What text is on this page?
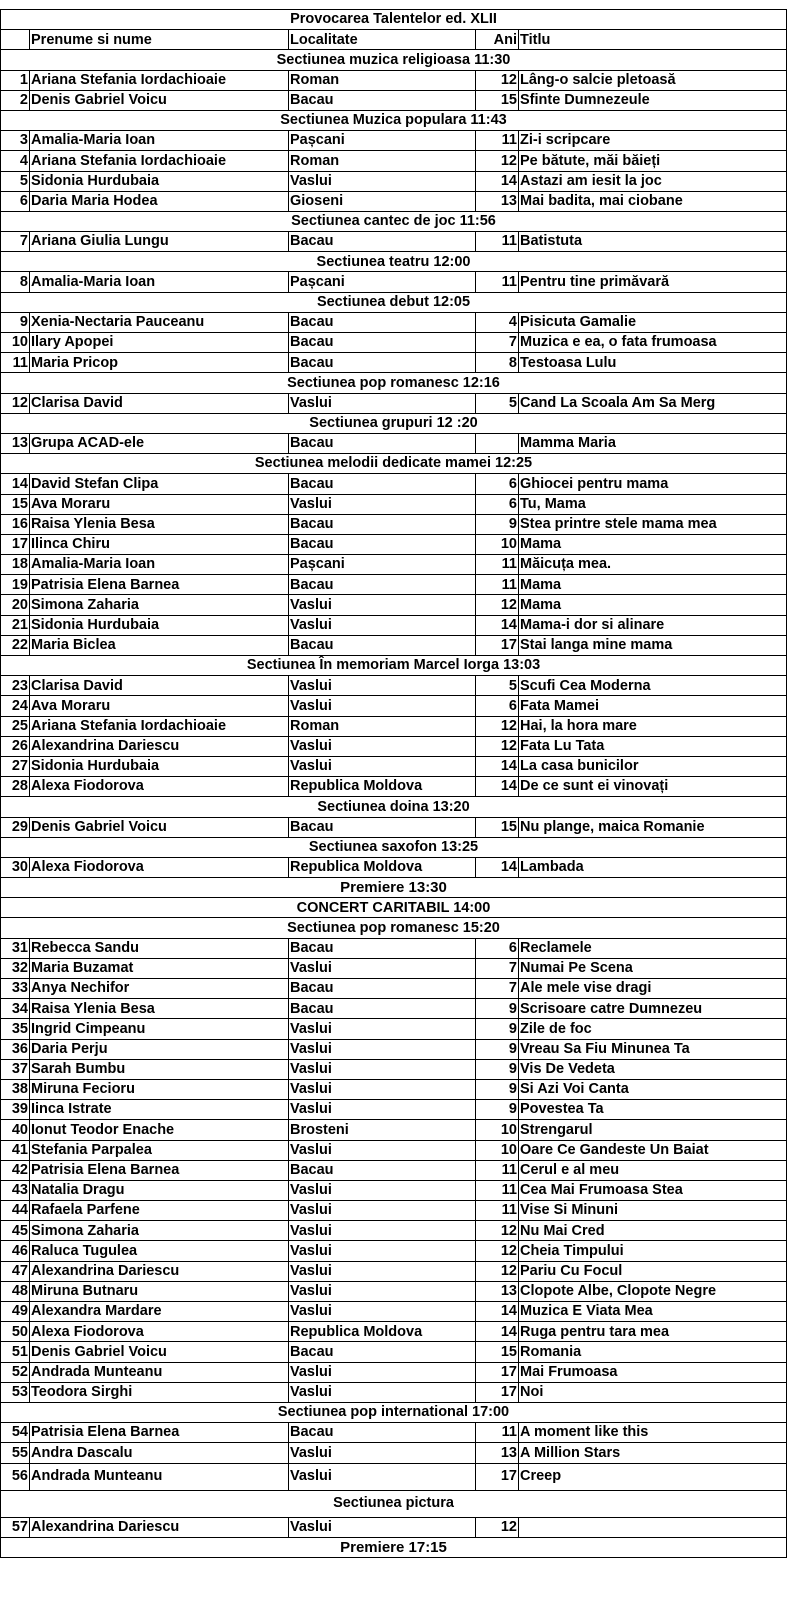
Provocarea Talentelor ed. XLII				
	Prenume si nume	Localitate	Ani	Titlu
Sectiunea muzica religioasa 11:30				
1	Ariana Stefania Iordachioaie	Roman	12	Lâng-o salcie pletoasă
2	Denis Gabriel Voicu	Bacau	15	Sfinte Dumnezeule
Sectiunea Muzica populara 11:43				
3	Amalia-Maria Ioan	Pașcani	11	Zi-i scripcare
4	Ariana Stefania Iordachioaie	Roman	12	Pe bătute, măi băieți
5	Sidonia Hurdubaia	Vaslui	14	Astazi am iesit la joc
6	Daria Maria Hodea	Gioseni	13	Mai badita, mai ciobane
Sectiunea cantec de joc 11:56				
7	Ariana Giulia Lungu	Bacau	11	Batistuta
Sectiunea teatru 12:00				
8	Amalia-Maria Ioan	Pașcani	11	Pentru tine primăvară
Sectiunea debut 12:05				
9	Xenia-Nectaria Pauceanu	Bacau	4	Pisicuta Gamalie
10	Ilary Apopei	Bacau	7	Muzica e ea, o fata frumoasa
11	Maria Pricop	Bacau	8	Testoasa Lulu
Sectiunea pop romanesc 12:16				
12	Clarisa David	Vaslui	5	Cand La Scoala Am Sa Merg
Sectiunea grupuri 12 :20				
13	Grupa ACAD-ele	Bacau		Mamma Maria
Sectiunea melodii dedicate mamei 12:25				
14	David Stefan Clipa	Bacau	6	Ghiocei pentru mama
15	Ava Moraru	Vaslui	6	Tu, Mama
16	Raisa Ylenia Besa	Bacau	9	Stea printre stele mama mea
17	Ilinca Chiru	Bacau	10	Mama
18	Amalia-Maria Ioan	Pașcani	11	Măicuța mea.
19	Patrisia Elena Barnea	Bacau	11	Mama
20	Simona Zaharia	Vaslui	12	Mama
21	Sidonia Hurdubaia	Vaslui	14	Mama-i dor si alinare
22	Maria Biclea	Bacau	17	Stai langa mine mama
Sectiunea În memoriam Marcel Iorga 13:03				
23	Clarisa David	Vaslui	5	Scufi Cea Moderna
24	Ava Moraru	Vaslui	6	Fata Mamei
25	Ariana Stefania Iordachioaie	Roman	12	Hai, la hora mare
26	Alexandrina Dariescu	Vaslui	12	Fata Lu Tata
27	Sidonia Hurdubaia	Vaslui	14	La casa bunicilor
28	Alexa Fiodorova	Republica Moldova	14	De ce sunt ei vinovați
Sectiunea doina 13:20				
29	Denis Gabriel Voicu	Bacau	15	Nu plange, maica Romanie
Sectiunea saxofon 13:25				
30	Alexa Fiodorova	Republica Moldova	14	Lambada
Premiere 13:30				
CONCERT CARITABIL 14:00				
Sectiunea pop romanesc 15:20				
31	Rebecca Sandu	Bacau	6	Reclamele
32	Maria Buzamat	Vaslui	7	Numai Pe Scena
33	Anya Nechifor	Bacau	7	Ale mele vise dragi
34	Raisa Ylenia Besa	Bacau	9	Scrisoare catre Dumnezeu
35	Ingrid Cimpeanu	Vaslui	9	Zile de foc
36	Daria Perju	Vaslui	9	Vreau Sa Fiu Minunea Ta
37	Sarah Bumbu	Vaslui	9	Vis De Vedeta
38	Miruna Fecioru	Vaslui	9	Si Azi Voi Canta
39	Iinca Istrate	Vaslui	9	Povestea Ta
40	Ionut Teodor Enache	Brosteni	10	Strengarul
41	Stefania Parpalea	Vaslui	10	Oare Ce Gandeste Un Baiat
42	Patrisia Elena Barnea	Bacau	11	Cerul e al meu
43	Natalia Dragu	Vaslui	11	Cea Mai Frumoasa Stea
44	Rafaela Parfene	Vaslui	11	Vise Si Minuni
45	Simona Zaharia	Vaslui	12	Nu Mai Cred
46	Raluca Tugulea	Vaslui	12	Cheia Timpului
47	Alexandrina Dariescu	Vaslui	12	Pariu Cu Focul
48	Miruna Butnaru	Vaslui	13	Clopote Albe, Clopote Negre
49	Alexandra Mardare	Vaslui	14	Muzica E Viata Mea
50	Alexa Fiodorova	Republica Moldova	14	Ruga pentru tara mea
51	Denis Gabriel Voicu	Bacau	15	Romania
52	Andrada Munteanu	Vaslui	17	Mai Frumoasa
53	Teodora Sirghi	Vaslui	17	Noi
Sectiunea pop international 17:00				
54	Patrisia Elena Barnea	Bacau	11	A moment like this
55	Andra Dascalu	Vaslui	13	A Million Stars
56	Andrada Munteanu	Vaslui	17	Creep
Sectiunea pictura				
57	Alexandrina Dariescu	Vaslui	12	
Premiere 17:15				
